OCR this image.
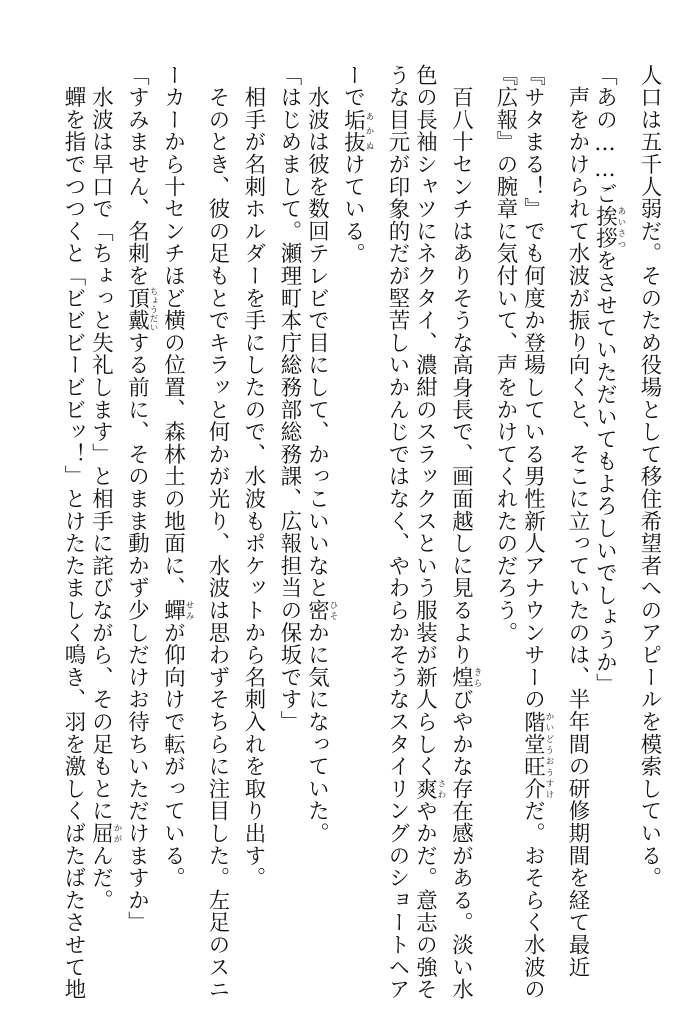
人口は五千人弱だ。そのため役場として移住希望者へのアピールを模索している。
「あの……ご挨拶あいさつをさせていただいてもよろしいでしょうか」
　声をかけられて水波が振り向くと、そこに立っていたのは、半年間の研修期間を経て最近
『サタまる！』でも何度か登場している男性新人アナウンサーの階堂旺介かいどうおうすけだ。おそらく水波の
『広報』の腕章に気付いて、声をかけてくれたのだろう。
　百八十センチはありそうな高身長で、画面越しに見るより煌きらびやかな存在感がある。淡い水
色の長袖シャツにネクタイ、濃紺のスラックスという服装が新人らしく爽さわやかだ。意志の強そ
うな目元が印象的だが堅苦しいかんじではなく、やわらかそうなスタイリングのショートヘア
ーで垢抜あかぬけている。
　水波は彼を数回テレビで目にして、かっこいいなと密ひそかに気になっていた。
「はじめまして。瀬理町本庁総務部総務課、広報担当の保坂です」
　相手が名刺ホルダーを手にしたので、水波もポケットから名刺入れを取り出す。
　そのとき、彼の足もとでキラッと何かが光り、水波は思わずそちらに注目した。左足のスニ
ーカーから十センチほど横の位置、森林土の地面に、蟬せみが仰向けで転がっている。
「すみません、名刺を頂戴ちょうだいする前に、そのまま動かず少しだけお待ちいただけますか」
　水波は早口で「ちょっと失礼します」と相手に詫びながら、その足もとに屈かがんだ。
　蟬を指でつつくと「ビビビービビッ！」とけたたましく鳴き、羽を激しくばたばたさせて地
